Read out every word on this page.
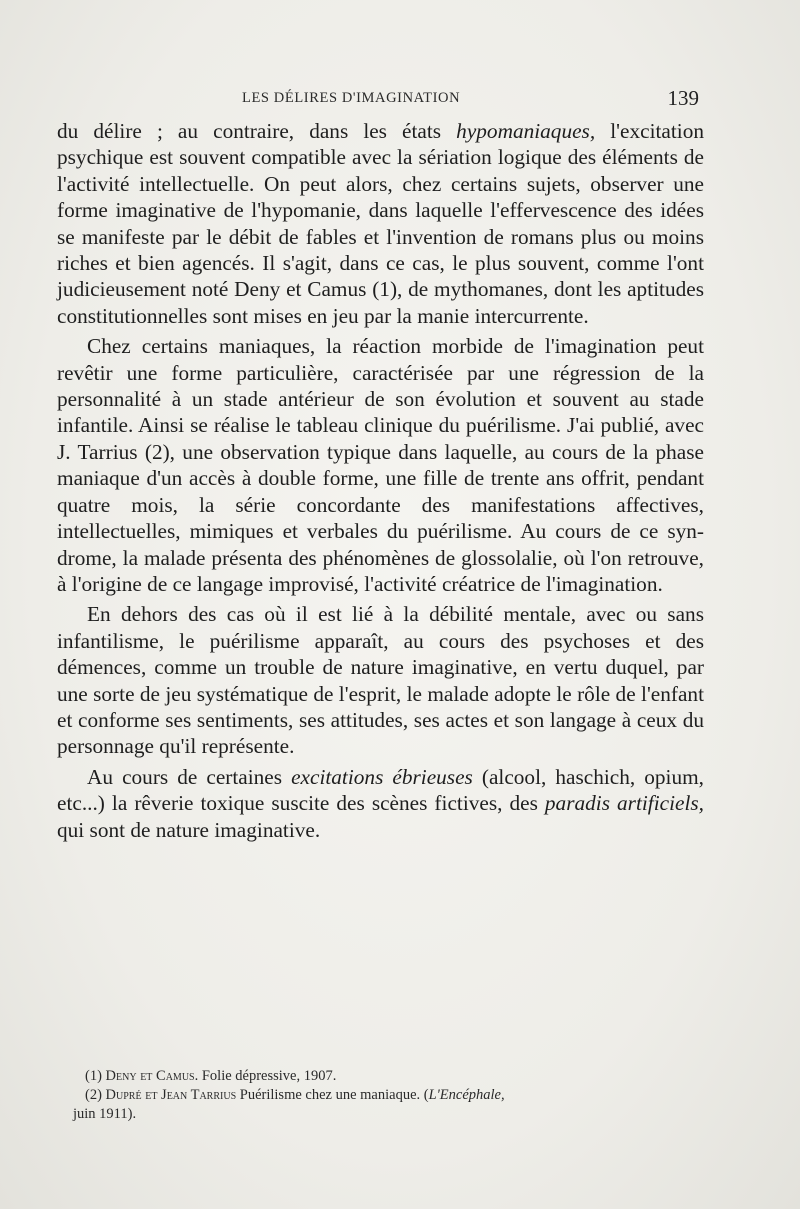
LES DÉLIRES D'IMAGINATION	139

du délire ; au contraire, dans les états hypomaniaques, l'excitation psychique est souvent compatible avec la sériation logique des éléments de l'activité intellectuelle. On peut alors, chez certains sujets, observer une forme imaginative de l'hypomanie, dans laquelle l'effervescence des idées se manifeste par le débit de fables et l'invention de romans plus ou moins riches et bien agencés. Il s'agit, dans ce cas, le plus souvent, comme l'ont judicieusement noté Deny et Camus (1), de mythomanes, dont les aptitudes constitutionnelles sont mises en jeu par la manie intercurrente.

Chez certains maniaques, la réaction morbide de l'imagination peut revêtir une forme particulière, caractérisée par une régression de la personnalité à un stade antérieur de son évolution et souvent au stade infantile. Ainsi se réalise le tableau clinique du puérilisme. J'ai publié, avec J. Tarrius (2), une observation typique dans laquelle, au cours de la phase maniaque d'un accès à double forme, une fille de trente ans offrit, pendant quatre mois, la série concordante des manifestations affectives, intellectuelles, mimiques et verbales du puérilisme. Au cours de ce syndrome, la malade présenta des phénomènes de glossolalie, où l'on retrouve, à l'origine de ce langage improvisé, l'activité créatrice de l'imagination.

En dehors des cas où il est lié à la débilité mentale, avec ou sans infantilisme, le puérilisme apparaît, au cours des psychoses et des démences, comme un trouble de nature imaginative, en vertu duquel, par une sorte de jeu systématique de l'esprit, le malade adopte le rôle de l'enfant et conforme ses sentiments, ses attitudes, ses actes et son langage à ceux du personnage qu'il représente.

Au cours de certaines excitations ébrieuses (alcool, haschich, opium, etc...) la rêverie toxique suscite des scènes fictives, des paradis artificiels, qui sont de nature imaginative.

(1) Deny et Camus. Folie dépressive, 1907.

(2) Dupré et Jean Tarrius Puérilisme chez une maniaque. (L'Encéphale,

juin 1911).
